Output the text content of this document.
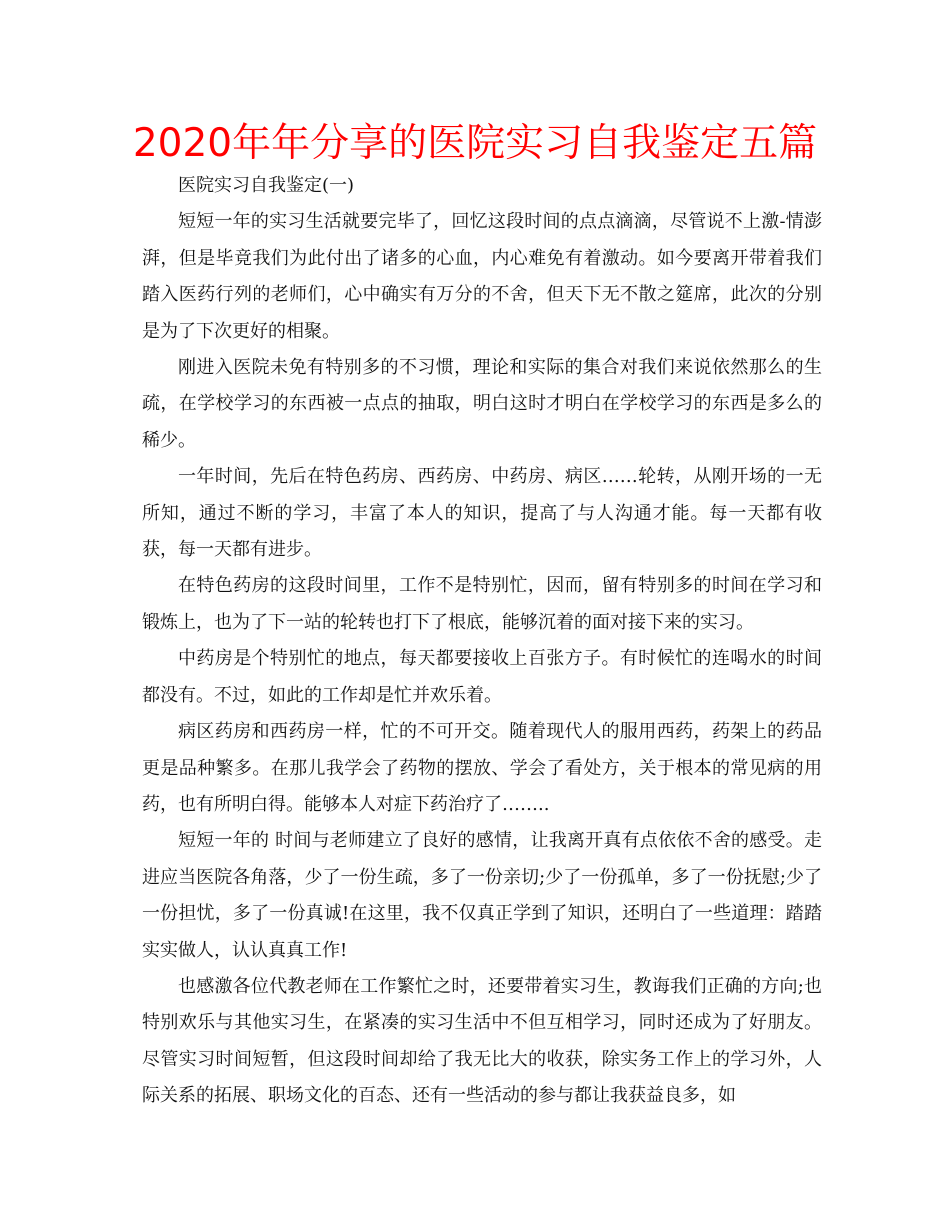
2020年年分享的医院实习自我鉴定五篇

医院实习自我鉴定(一)

短短一年的实习生活就要完毕了，回忆这段时间的点点滴滴，尽管说不上激-情澎湃，但是毕竟我们为此付出了诸多的心血，内心难免有着激动。如今要离开带着我们踏入医药行列的老师们，心中确实有万分的不舍，但天下无不散之筵席，此次的分别是为了下次更好的相聚。

刚进入医院未免有特别多的不习惯，理论和实际的集合对我们来说依然那么的生疏，在学校学习的东西被一点点的抽取，明白这时才明白在学校学习的东西是多么的稀少。

一年时间，先后在特色药房、西药房、中药房、病区……轮转，从刚开场的一无所知，通过不断的学习，丰富了本人的知识，提高了与人沟通才能。每一天都有收获，每一天都有进步。

在特色药房的这段时间里，工作不是特别忙，因而，留有特别多的时间在学习和锻炼上，也为了下一站的轮转也打下了根底，能够沉着的面对接下来的实习。

中药房是个特别忙的地点，每天都要接收上百张方子。有时候忙的连喝水的时间都没有。不过，如此的工作却是忙并欢乐着。

病区药房和西药房一样，忙的不可开交。随着现代人的服用西药，药架上的药品更是品种繁多。在那儿我学会了药物的摆放、学会了看处方，关于根本的常见病的用药，也有所明白得。能够本人对症下药治疗了……..

短短一年的 时间与老师建立了良好的感情，让我离开真有点依依不舍的感受。走进应当医院各角落，少了一份生疏，多了一份亲切;少了一份孤单，多了一份抚慰;少了一份担忧，多了一份真诚!在这里，我不仅真正学到了知识，还明白了一些道理：踏踏实实做人，认认真真工作!

也感激各位代教老师在工作繁忙之时，还要带着实习生，教诲我们正确的方向;也特别欢乐与其他实习生，在紧凑的实习生活中不但互相学习，同时还成为了好朋友。尽管实习时间短暂，但这段时间却给了我无比大的收获，除实务工作上的学习外，人际关系的拓展、职场文化的百态、还有一些活动的参与都让我获益良多，如
